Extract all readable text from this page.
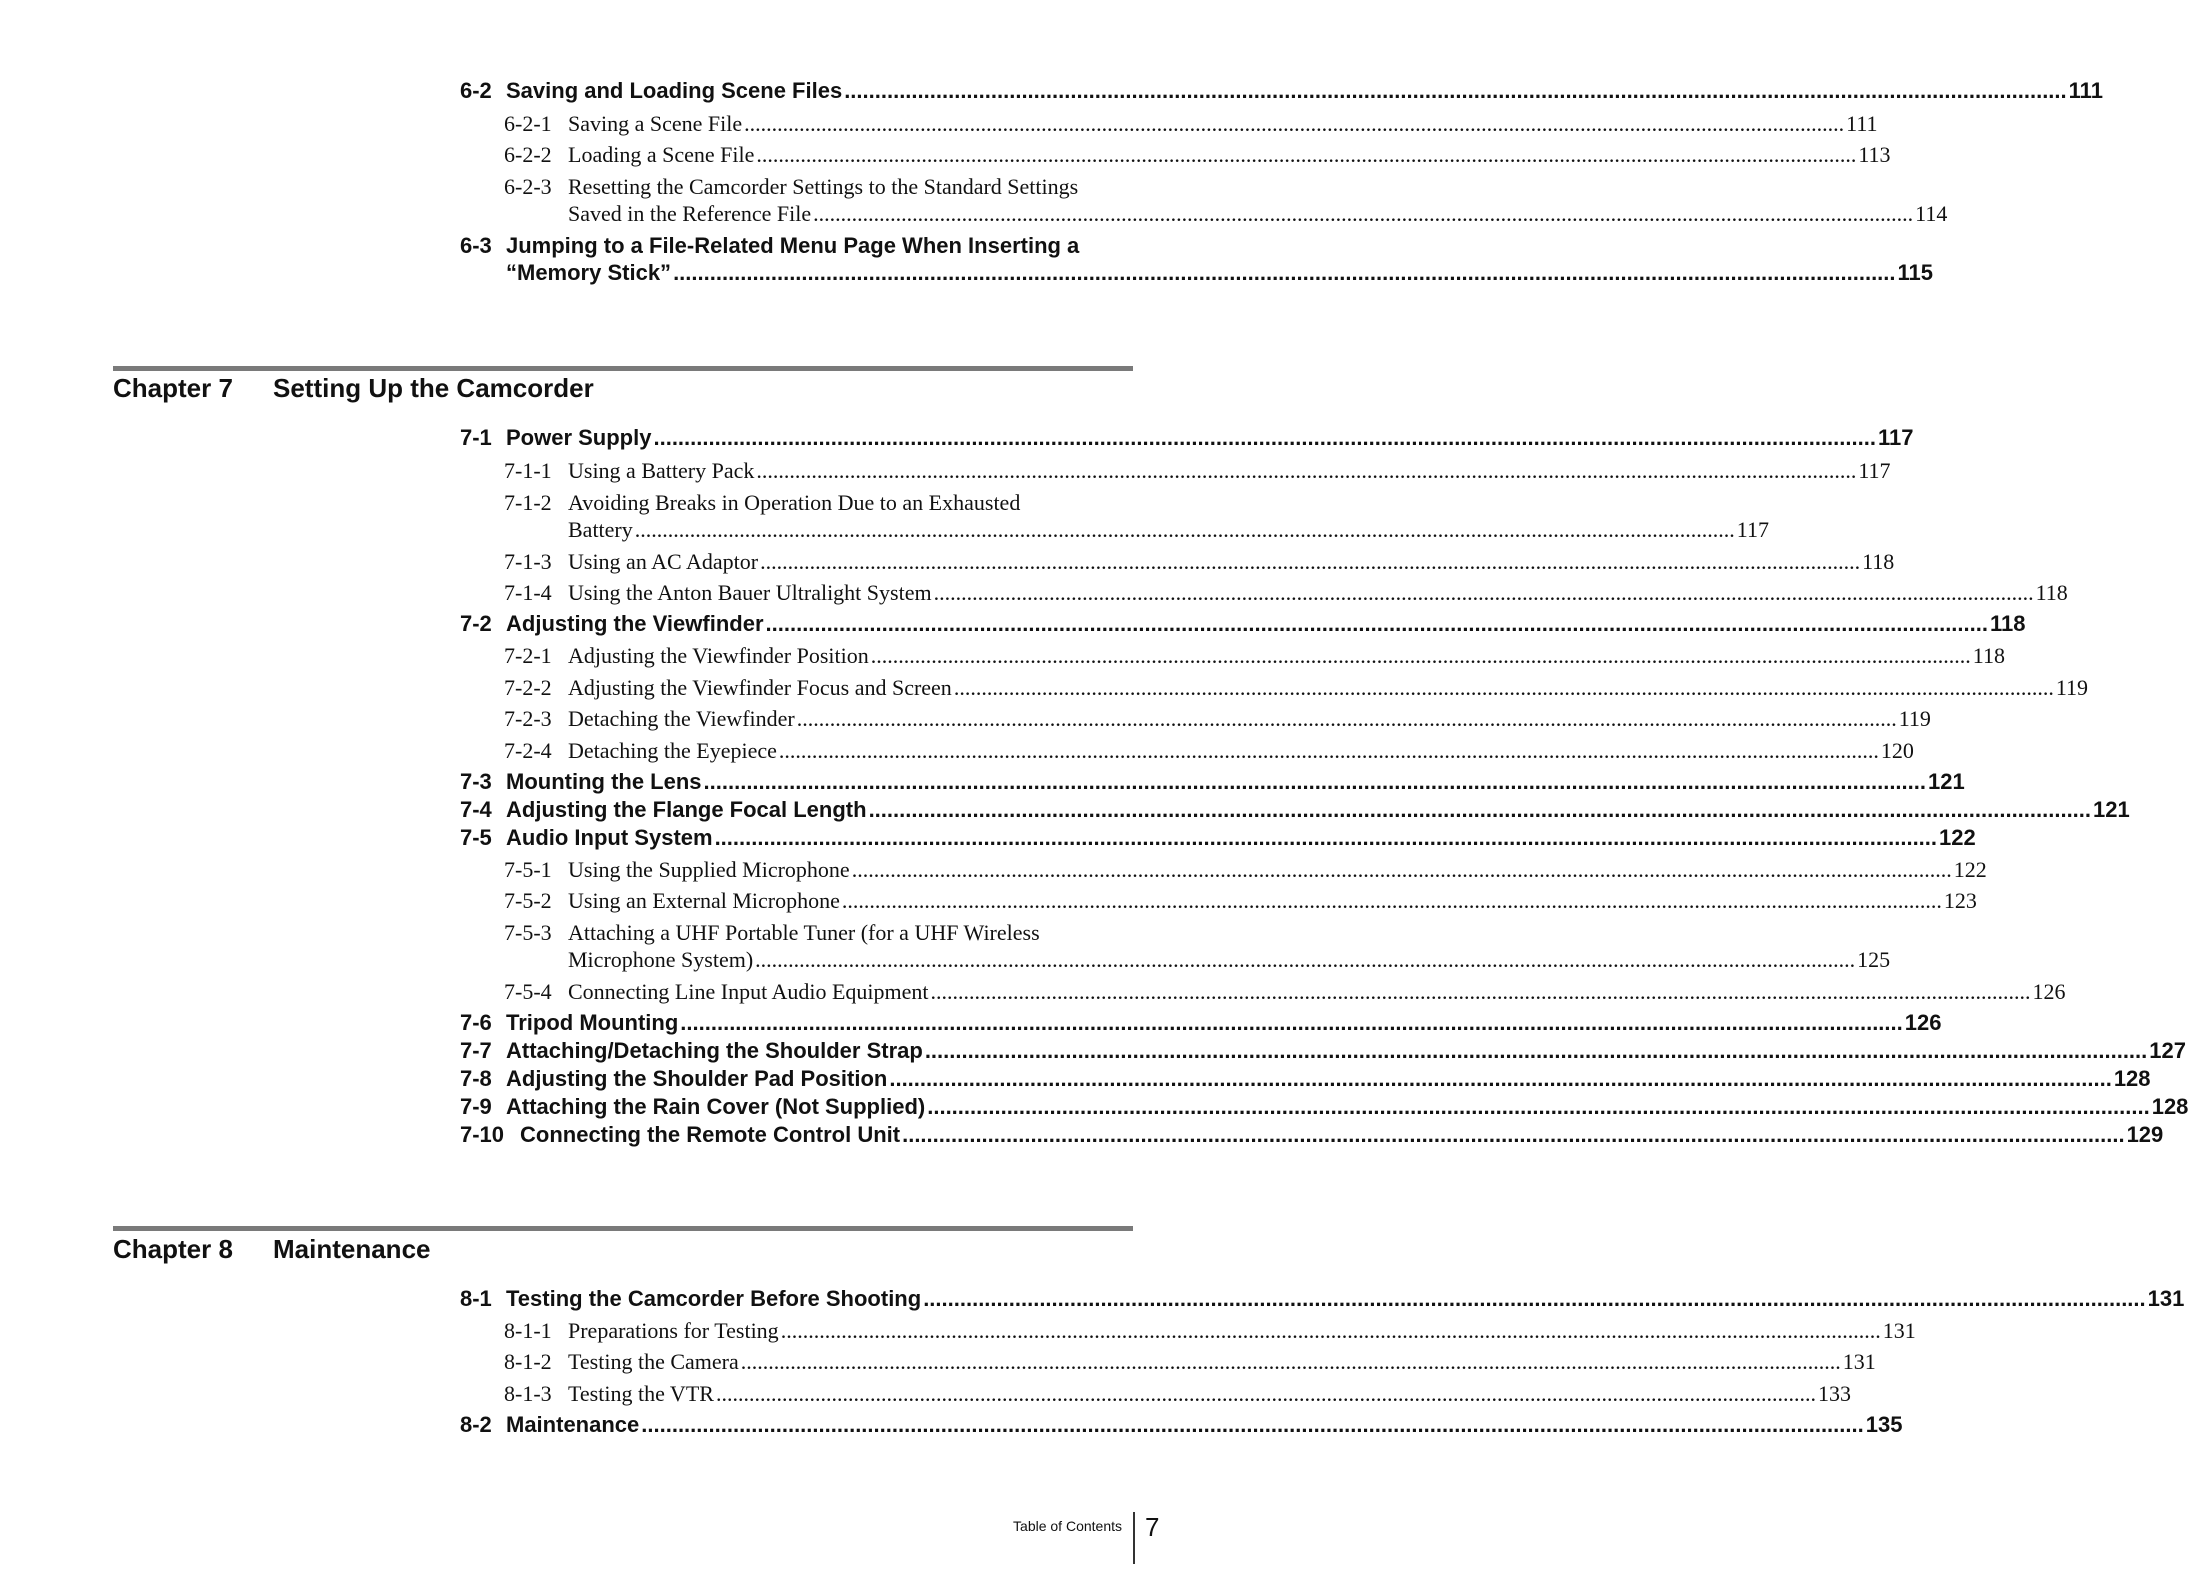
6-2 Saving and Loading Scene Files ........................................................................................................................................................................................................ 111
6-2-1 Saving a Scene File ........................................................................................................................................................................................................ 111
6-2-2 Loading a Scene File ........................................................................................................................................................................................................ 113
6-2-3 Resetting the Camcorder Settings to the Standard Settings
Saved in the Reference File ........................................................................................................................................................................................................ 114
6-3 Jumping to a File-Related Menu Page When Inserting a
“Memory Stick” ........................................................................................................................................................................................................ 115
Chapter 7 Setting Up the Camcorder
7-1 Power Supply ........................................................................................................................................................................................................ 117
7-1-1 Using a Battery Pack ........................................................................................................................................................................................................ 117
7-1-2 Avoiding Breaks in Operation Due to an Exhausted
Battery ........................................................................................................................................................................................................ 117
7-1-3 Using an AC Adaptor ........................................................................................................................................................................................................ 118
7-1-4 Using the Anton Bauer Ultralight System ........................................................................................................................................................................................................ 118
7-2 Adjusting the Viewfinder ........................................................................................................................................................................................................ 118
7-2-1 Adjusting the Viewfinder Position ........................................................................................................................................................................................................ 118
7-2-2 Adjusting the Viewfinder Focus and Screen ........................................................................................................................................................................................................ 119
7-2-3 Detaching the Viewfinder ........................................................................................................................................................................................................ 119
7-2-4 Detaching the Eyepiece ........................................................................................................................................................................................................ 120
7-3 Mounting the Lens ........................................................................................................................................................................................................ 121
7-4 Adjusting the Flange Focal Length ........................................................................................................................................................................................................ 121
7-5 Audio Input System ........................................................................................................................................................................................................ 122
7-5-1 Using the Supplied Microphone ........................................................................................................................................................................................................ 122
7-5-2 Using an External Microphone ........................................................................................................................................................................................................ 123
7-5-3 Attaching a UHF Portable Tuner (for a UHF Wireless
Microphone System) ........................................................................................................................................................................................................ 125
7-5-4 Connecting Line Input Audio Equipment ........................................................................................................................................................................................................ 126
7-6 Tripod Mounting ........................................................................................................................................................................................................ 126
7-7 Attaching/Detaching the Shoulder Strap ........................................................................................................................................................................................................ 127
7-8 Adjusting the Shoulder Pad Position ........................................................................................................................................................................................................ 128
7-9 Attaching the Rain Cover (Not Supplied) ........................................................................................................................................................................................................ 128
7-10 Connecting the Remote Control Unit ........................................................................................................................................................................................................ 129
Chapter 8 Maintenance
8-1 Testing the Camcorder Before Shooting ........................................................................................................................................................................................................ 131
8-1-1 Preparations for Testing ........................................................................................................................................................................................................ 131
8-1-2 Testing the Camera ........................................................................................................................................................................................................ 131
8-1-3 Testing the VTR ........................................................................................................................................................................................................ 133
8-2 Maintenance ........................................................................................................................................................................................................ 135
Table of Contents 7
